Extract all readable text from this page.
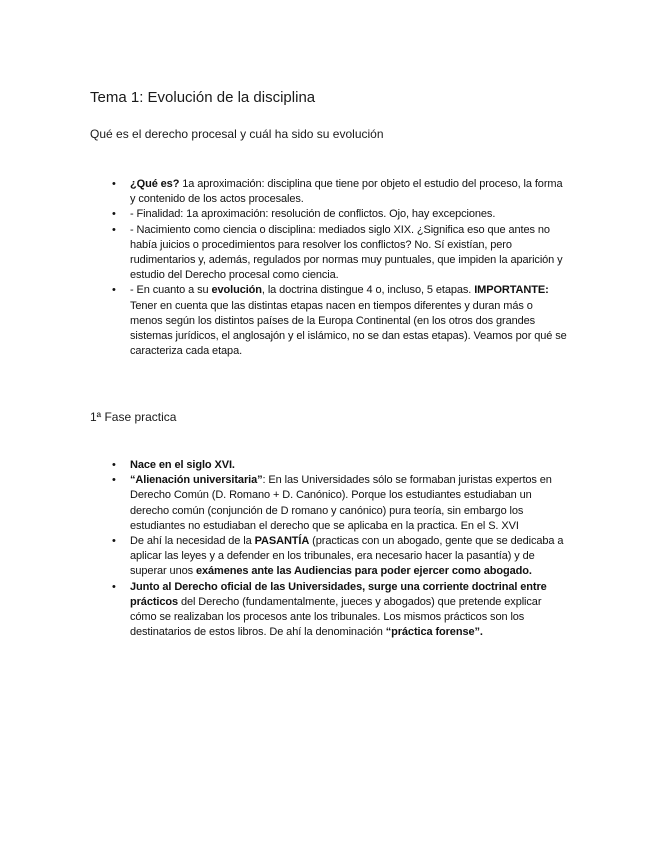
Tema 1: Evolución de la disciplina

Qué es el derecho procesal y cuál ha sido su evolución

• ¿Qué es? 1a aproximación: disciplina que tiene por objeto el estudio del proceso, la forma y contenido de los actos procesales.
• - Finalidad: 1a aproximación: resolución de conflictos. Ojo, hay excepciones.
• - Nacimiento como ciencia o disciplina: mediados siglo XIX. ¿Significa eso que antes no había juicios o procedimientos para resolver los conflictos? No. Sí existían, pero rudimentarios y, además, regulados por normas muy puntuales, que impiden la aparición y estudio del Derecho procesal como ciencia.
• - En cuanto a su evolución, la doctrina distingue 4 o, incluso, 5 etapas. IMPORTANTE: Tener en cuenta que las distintas etapas nacen en tiempos diferentes y duran más o menos según los distintos países de la Europa Continental (en los otros dos grandes sistemas jurídicos, el anglosajón y el islámico, no se dan estas etapas). Veamos por qué se caracteriza cada etapa.

1ª Fase practica

• Nace en el siglo XVI.
• “Alienación universitaria”: En las Universidades sólo se formaban juristas expertos en Derecho Común (D. Romano + D. Canónico). Porque los estudiantes estudiaban un derecho común (conjunción de D romano y canónico) pura teoría, sin embargo los estudiantes no estudiaban el derecho que se aplicaba en la practica. En el S. XVI
• De ahí la necesidad de la PASANTÍA (practicas con un abogado, gente que se dedicaba a aplicar las leyes y a defender en los tribunales, era necesario hacer la pasantía) y de superar unos exámenes ante las Audiencias para poder ejercer como abogado.
• Junto al Derecho oficial de las Universidades, surge una corriente doctrinal entre prácticos del Derecho (fundamentalmente, jueces y abogados) que pretende explicar cómo se realizaban los procesos ante los tribunales. Los mismos prácticos son los destinatarios de estos libros. De ahí la denominación “práctica forense”.
